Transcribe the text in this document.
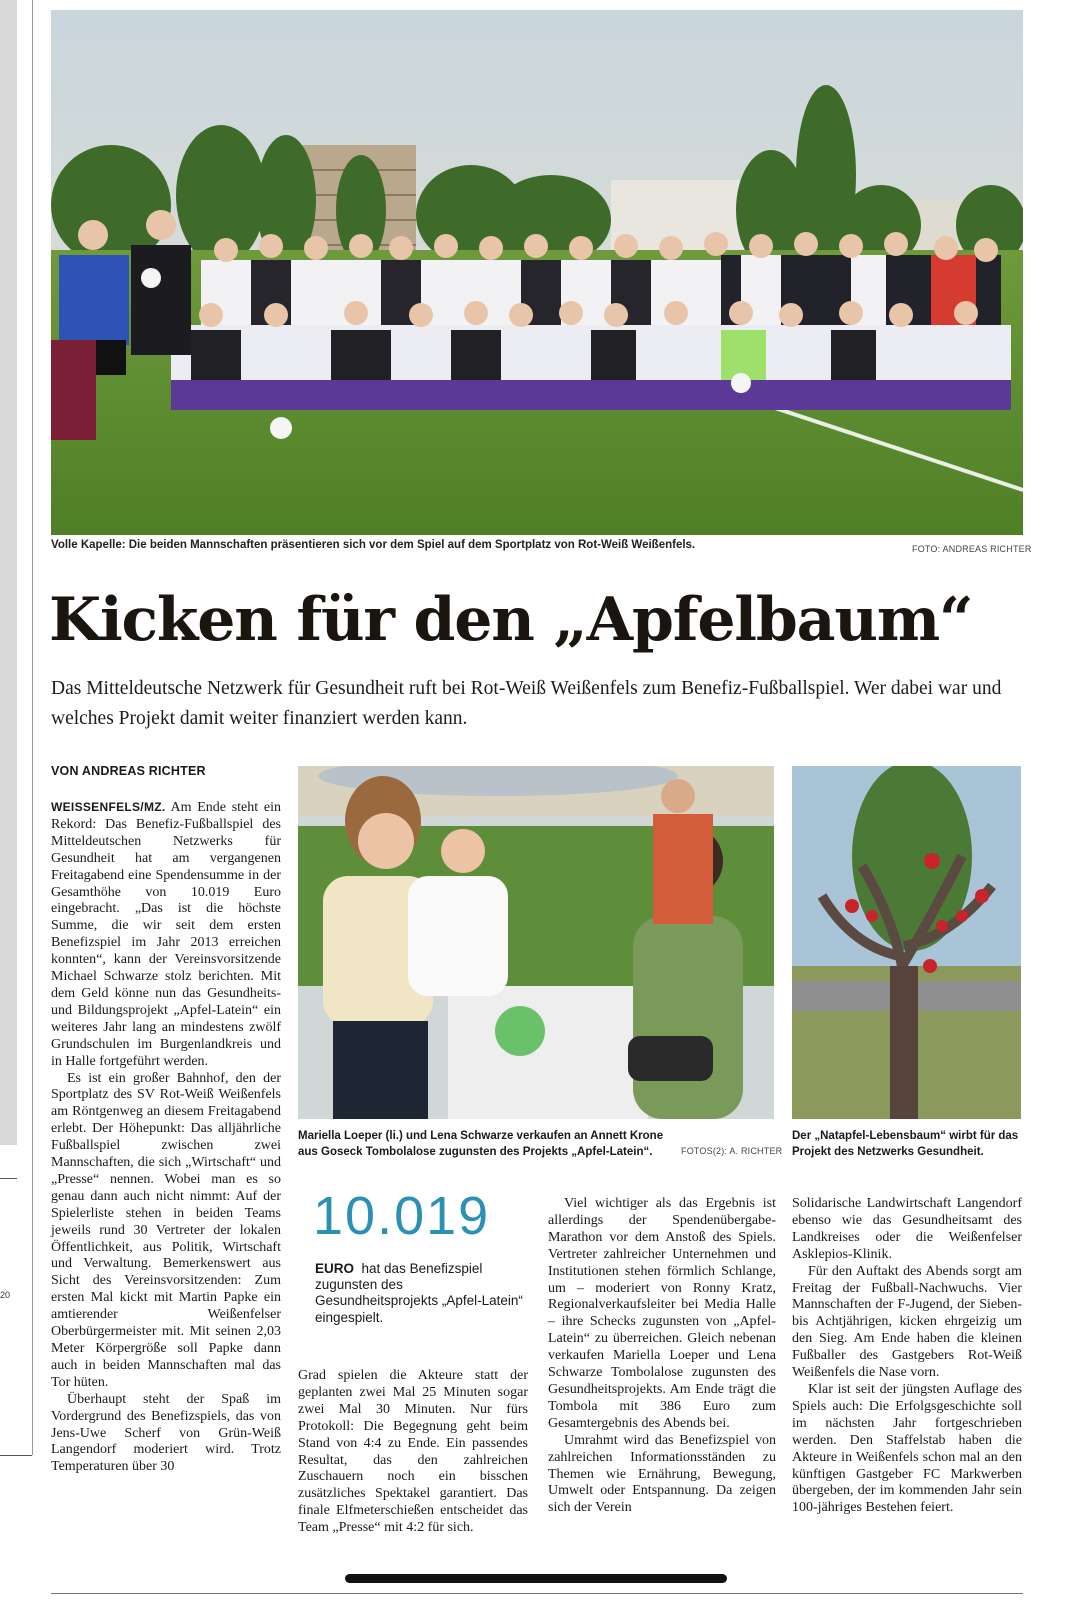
20
Volle Kapelle: Die beiden Mannschaften präsentieren sich vor dem Spiel auf dem Sportplatz von Rot-Weiß Weißenfels.	FOTO: ANDREAS RICHTER
Kicken für den „Apfelbaum“
Das Mitteldeutsche Netzwerk für Gesundheit ruft bei Rot-Weiß Weißenfels zum Benefiz-Fußballspiel. Wer dabei war und welches Projekt damit weiter finanziert werden kann.
VON ANDREAS RICHTER

WEISSENFELS/MZ. Am Ende steht ein Rekord: Das Benefiz-Fußballspiel des Mitteldeutschen Netzwerks für Gesundheit hat am vergangenen Freitagabend eine Spendensumme in der Gesamthöhe von 10.019 Euro eingebracht. „Das ist die höchste Summe, die wir seit dem ersten Benefizspiel im Jahr 2013 erreichen konnten“, kann der Vereinsvorsitzende Michael Schwarze stolz berichten. Mit dem Geld könne nun das Gesundheits- und Bildungsprojekt „Apfel-Latein“ ein weiteres Jahr lang an mindestens zwölf Grundschulen im Burgenlandkreis und in Halle fortgeführt werden.

Es ist ein großer Bahnhof, den der Sportplatz des SV Rot-Weiß Weißenfels am Röntgenweg an diesem Freitagabend erlebt. Der Höhepunkt: Das alljährliche Fußballspiel zwischen zwei Mannschaften, die sich „Wirtschaft“ und „Presse“ nennen. Wobei man es so genau dann auch nicht nimmt: Auf der Spielerliste stehen in beiden Teams jeweils rund 30 Vertreter der lokalen Öffentlichkeit, aus Politik, Wirtschaft und Verwaltung. Bemerkenswert aus Sicht des Vereinsvorsitzenden: Zum ersten Mal kickt mit Martin Papke ein amtierender Weißenfelser Oberbürgermeister mit. Mit seinen 2,03 Meter Körpergröße soll Papke dann auch in beiden Mannschaften mal das Tor hüten.

Überhaupt steht der Spaß im Vordergrund des Benefizspiels, das von Jens-Uwe Scherf von Grün-Weiß Langendorf moderiert wird. Trotz Temperaturen über 30

Mariella Loeper (li.) und Lena Schwarze verkaufen an Annett Krone aus Goseck Tombolalose zugunsten des Projekts „Apfel-Latein“.	FOTOS(2): A. RICHTER
Der „Natapfel-Lebensbaum“ wirbt für das Projekt des Netzwerks Gesundheit.
10.019
EURO hat das Benefizspiel zugunsten des Gesundheitsprojekts „Apfel-Latein“ eingespielt.

Grad spielen die Akteure statt der geplanten zwei Mal 25 Minuten sogar zwei Mal 30 Minuten. Nur fürs Protokoll: Die Begegnung geht beim Stand von 4:4 zu Ende. Ein passendes Resultat, das den zahlreichen Zuschauern noch ein bisschen zusätzliches Spektakel garantiert. Das finale Elfmeterschießen entscheidet das Team „Presse“ mit 4:2 für sich.

Viel wichtiger als das Ergebnis ist allerdings der Spendenübergabe-Marathon vor dem Anstoß des Spiels. Vertreter zahlreicher Unternehmen und Institutionen stehen förmlich Schlange, um – moderiert von Ronny Kratz, Regionalverkaufsleiter bei Media Halle – ihre Schecks zugunsten von „Apfel-Latein“ zu überreichen. Gleich nebenan verkaufen Mariella Loeper und Lena Schwarze Tombolalose zugunsten des Gesundheitsprojekts. Am Ende trägt die Tombola mit 386 Euro zum Gesamtergebnis des Abends bei.

Umrahmt wird das Benefizspiel von zahlreichen Informationsständen zu Themen wie Ernährung, Bewegung, Umwelt oder Entspannung. Da zeigen sich der Verein

Solidarische Landwirtschaft Langendorf ebenso wie das Gesundheitsamt des Landkreises oder die Weißenfelser Asklepios-Klinik.

Für den Auftakt des Abends sorgt am Freitag der Fußball-Nachwuchs. Vier Mannschaften der F-Jugend, der Sieben- bis Achtjährigen, kicken ehrgeizig um den Sieg. Am Ende haben die kleinen Fußballer des Gastgebers Rot-Weiß Weißenfels die Nase vorn.

Klar ist seit der jüngsten Auflage des Spiels auch: Die Erfolgsgeschichte soll im nächsten Jahr fortgeschrieben werden. Den Staffelstab haben die Akteure in Weißenfels schon mal an den künftigen Gastgeber FC Markwerben übergeben, der im kommenden Jahr sein 100-jähriges Bestehen feiert.
